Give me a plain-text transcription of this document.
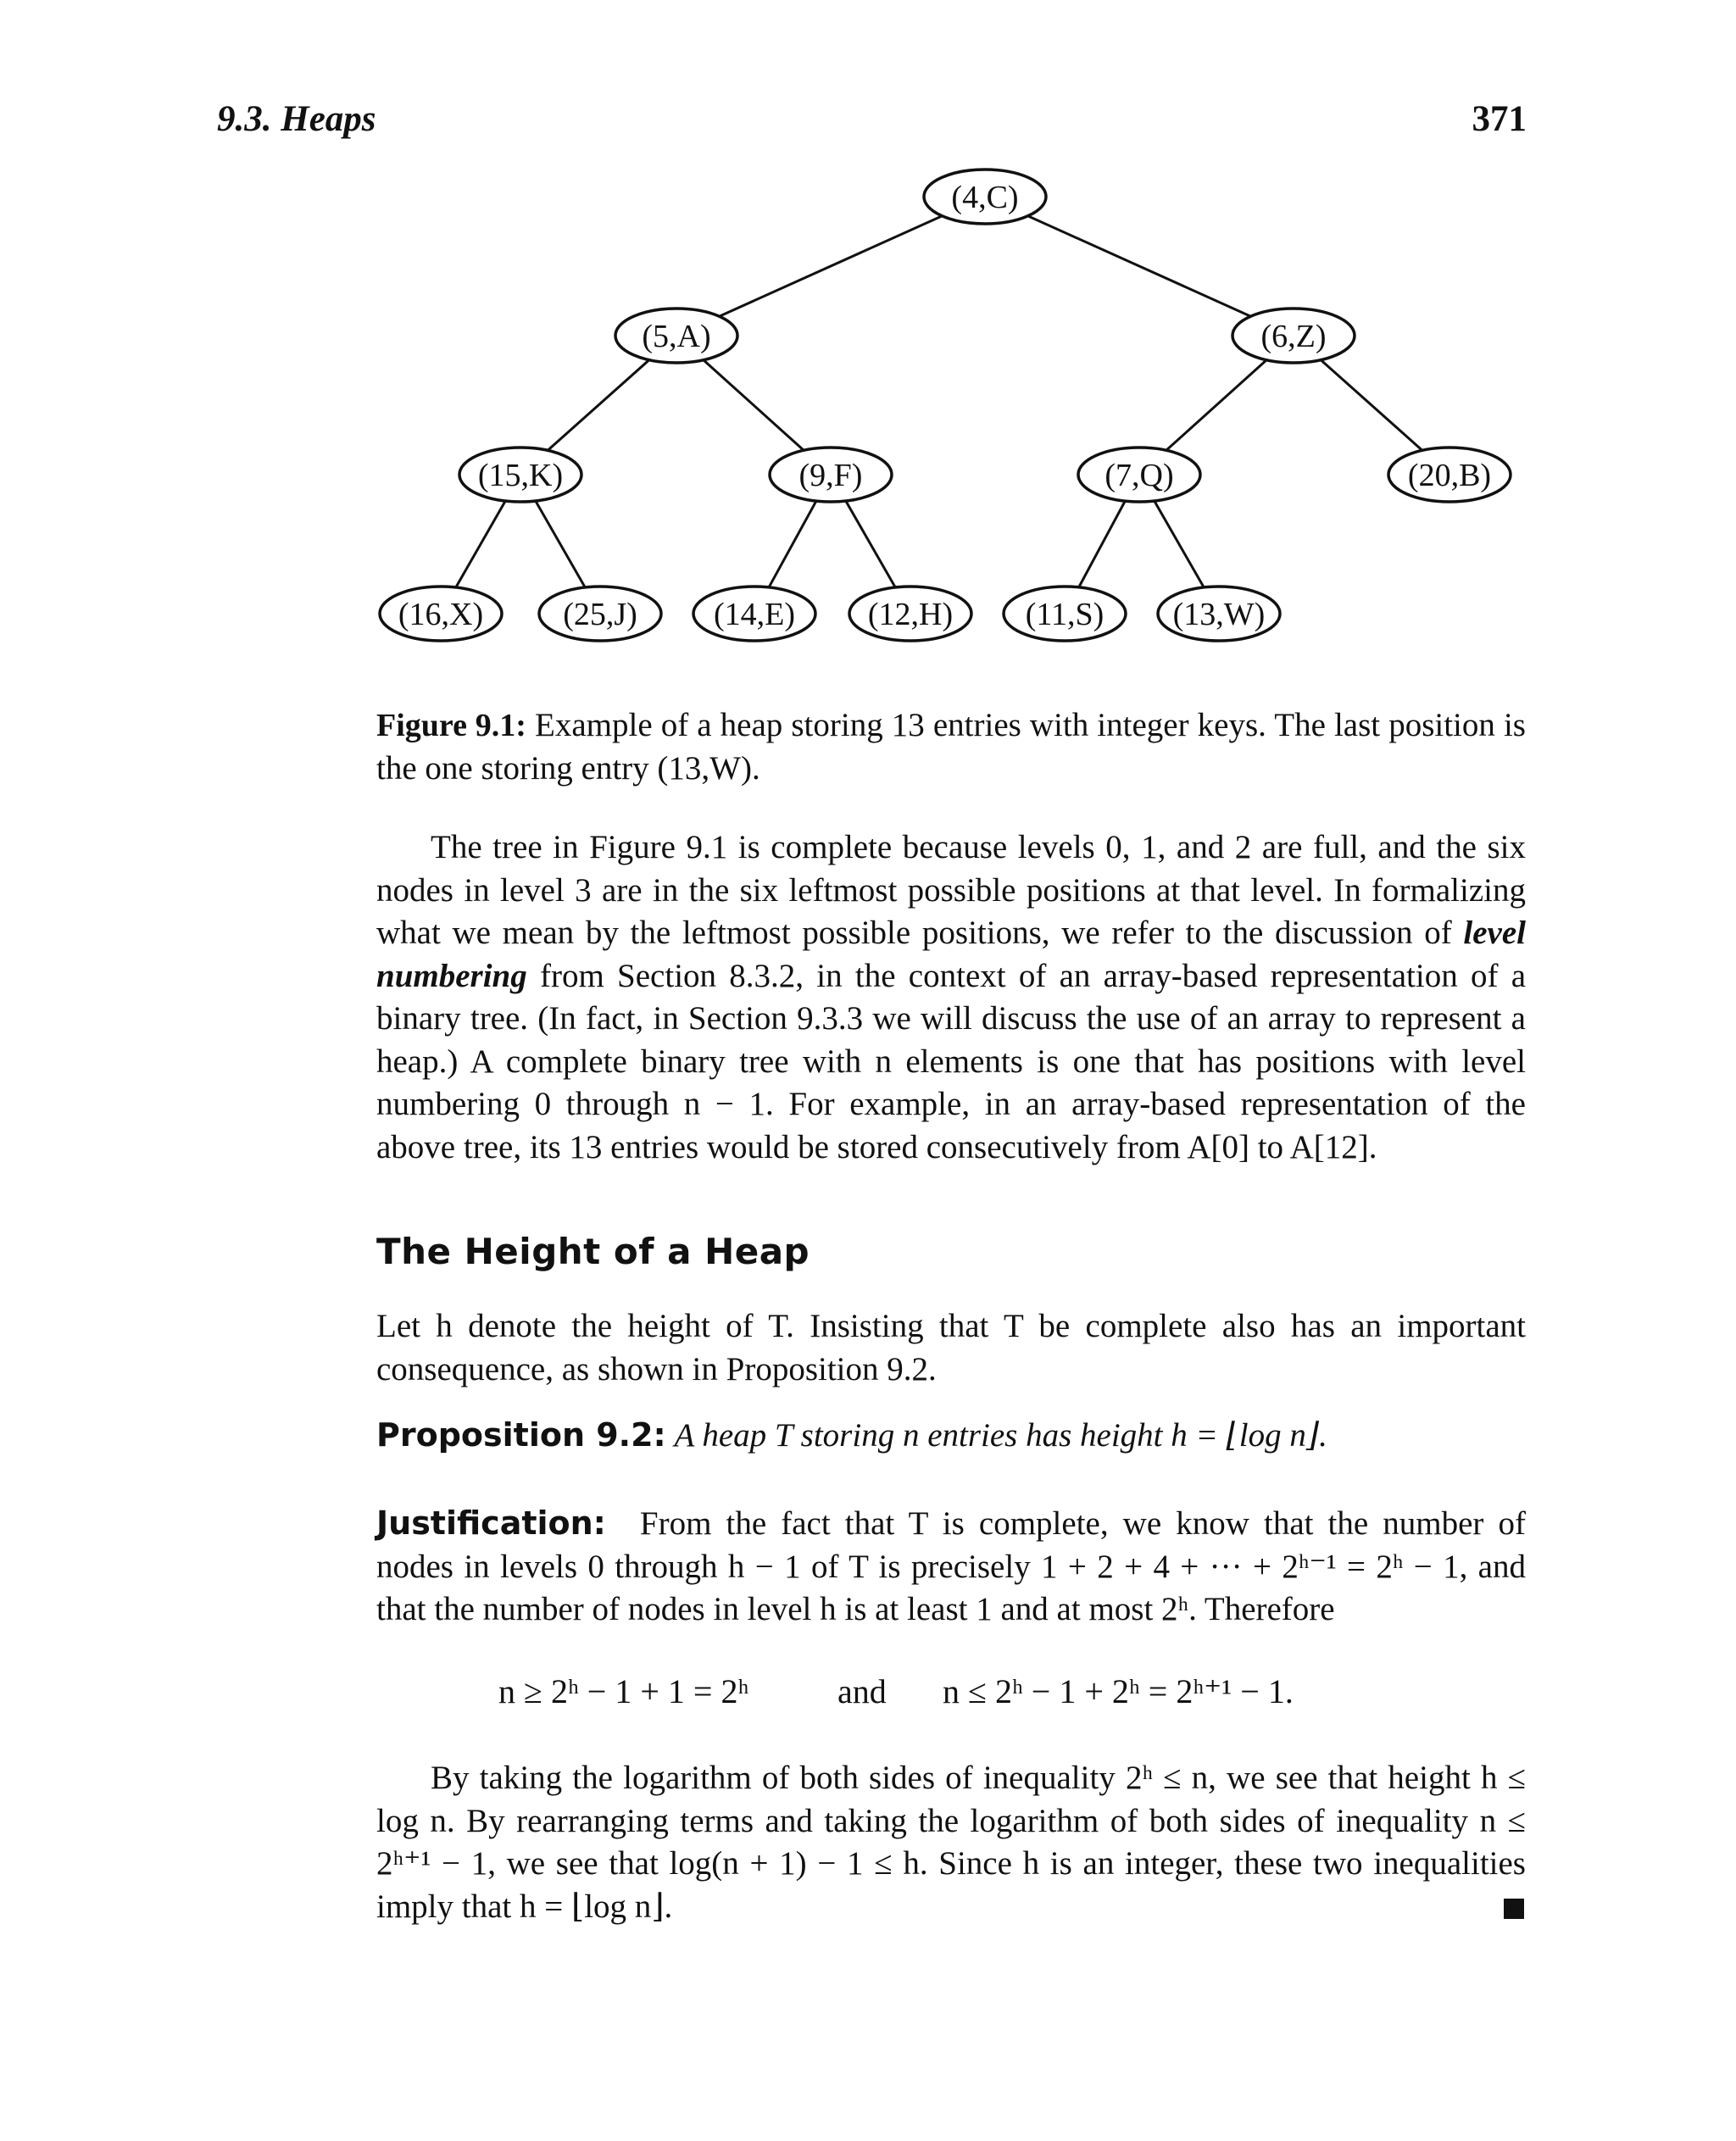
9.3. Heaps	371
(4,C)
(5,A)	(6,Z)
(15,K)	(9,F)	(7,Q)	(20,B)
(16,X) (25,J) (14,E) (12,H) (11,S) (13,W)
Figure 9.1: Example of a heap storing 13 entries with integer keys. The last position is the one storing entry (13,W).
The tree in Figure 9.1 is complete because levels 0, 1, and 2 are full, and the six nodes in level 3 are in the six leftmost possible positions at that level. In formalizing what we mean by the leftmost possible positions, we refer to the discussion of level numbering from Section 8.3.2, in the context of an array-based representation of a binary tree. (In fact, in Section 9.3.3 we will discuss the use of an array to represent a heap.) A complete binary tree with n elements is one that has positions with level numbering 0 through n − 1. For example, in an array-based representation of the above tree, its 13 entries would be stored consecutively from A[0] to A[12].
The Height of a Heap
Let h denote the height of T. Insisting that T be complete also has an important consequence, as shown in Proposition 9.2.
Proposition 9.2: A heap T storing n entries has height h = ⌊log n⌋.
Justification: From the fact that T is complete, we know that the number of nodes in levels 0 through h − 1 of T is precisely 1 + 2 + 4 + ··· + 2ʰ⁻¹ = 2ʰ − 1, and that the number of nodes in level h is at least 1 and at most 2ʰ. Therefore
n ≥ 2ʰ − 1 + 1 = 2ʰ	and n ≤ 2ʰ − 1 + 2ʰ = 2ʰ⁺¹ − 1.
By taking the logarithm of both sides of inequality 2ʰ ≤ n, we see that height h ≤ log n. By rearranging terms and taking the logarithm of both sides of inequality n ≤ 2ʰ⁺¹ − 1, we see that log(n + 1) − 1 ≤ h. Since h is an integer, these two inequalities imply that h = ⌊log n⌋.
